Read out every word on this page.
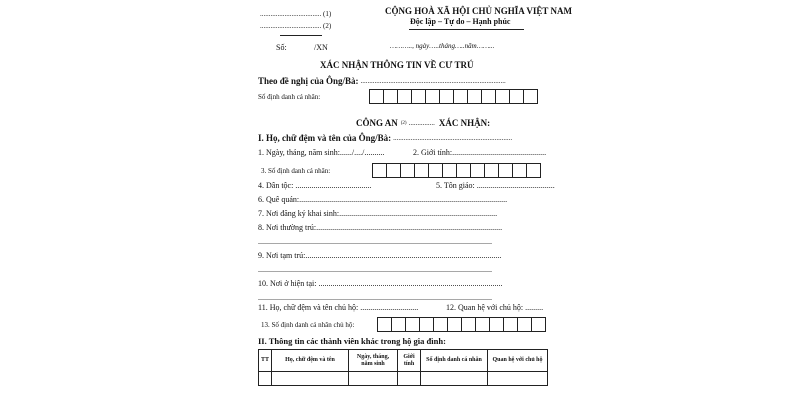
................................... (1)
................................... (2)
Số:	/XN
CỘNG HOÀ XÃ HỘI CHỦ NGHĨA VIỆT NAM
Độc lập – Tự do – Hạnh phúc
……….., ngày…..tháng…..năm……...
XÁC NHẬN THÔNG TIN VỀ CƯ TRÚ
Theo đề nghị của Ông/Bà: ...................................................................................
Số định danh cá nhân:
CÔNG AN (2) ............... XÁC NHẬN:
I. Họ, chữ đệm và tên của Ông/Bà: ....................................................................
1. Ngày, tháng, năm sinh:....../..../..........	2. Giới tính:...............................................
3. Số định danh cá nhân:
4. Dân tộc: ......................................	5. Tôn giáo: .......................................
6. Quê quán:........................................................................................................
7. Nơi đăng ký khai sinh:...............................................................................
8. Nơi thường trú:.............................................................................................
.....................................................................................................................
9. Nơi tạm trú:..................................................................................................
.....................................................................................................................
10. Nơi ở hiện tại: ............................................................................................
.....................................................................................................................
11. Họ, chữ đệm và tên chủ hộ: .............................	12. Quan hệ với chủ hộ: .........
13. Số định danh cá nhân chủ hộ:
II. Thông tin các thành viên khác trong hộ gia đình:
TT	Họ, chữ đệm và tên	Ngày, tháng, năm sinh	Giới tính	Số định danh cá nhân	Quan hệ với chủ hộ
